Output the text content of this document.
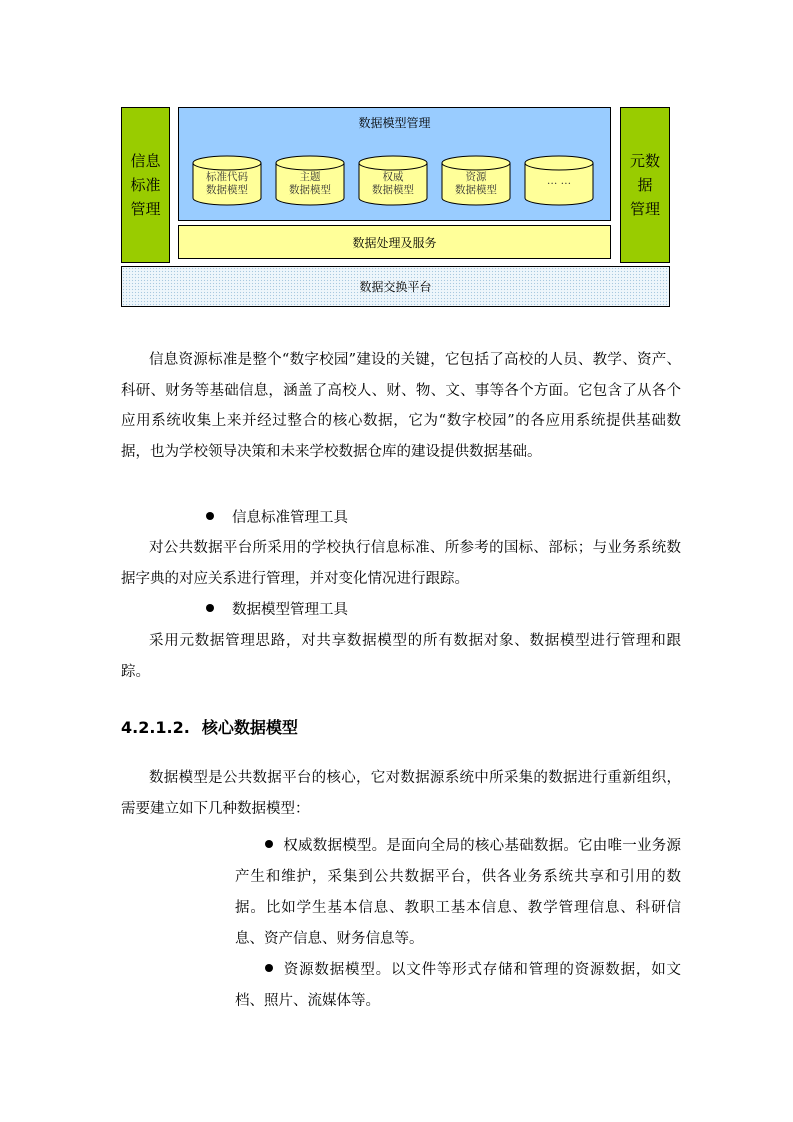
信息标准管理
数据模型管理
标准代码
数据模型
主题
数据模型
权威
数据模型
资源
数据模型
… …
数据处理及服务
元数
据
管理
数据交换平台

信息资源标准是整个“数字校园”建设的关键，它包括了高校的人员、教学、资产、科研、财务等基础信息，涵盖了高校人、财、物、文、事等各个方面。它包含了从各个应用系统收集上来并经过整合的核心数据，它为“数字校园”的各应用系统提供基础数据，也为学校领导决策和未来学校数据仓库的建设提供数据基础。

信息标准管理工具

对公共数据平台所采用的学校执行信息标准、所参考的国标、部标；与业务系统数据字典的对应关系进行管理，并对变化情况进行跟踪。

数据模型管理工具

采用元数据管理思路，对共享数据模型的所有数据对象、数据模型进行管理和跟踪。

4.2.1.2. 核心数据模型

数据模型是公共数据平台的核心，它对数据源系统中所采集的数据进行重新组织，需要建立如下几种数据模型：

权威数据模型。是面向全局的核心基础数据。它由唯一业务源产生和维护，采集到公共数据平台，供各业务系统共享和引用的数据。比如学生基本信息、教职工基本信息、教学管理信息、科研信息、资产信息、财务信息等。

资源数据模型。以文件等形式存储和管理的资源数据，如文档、照片、流媒体等。
